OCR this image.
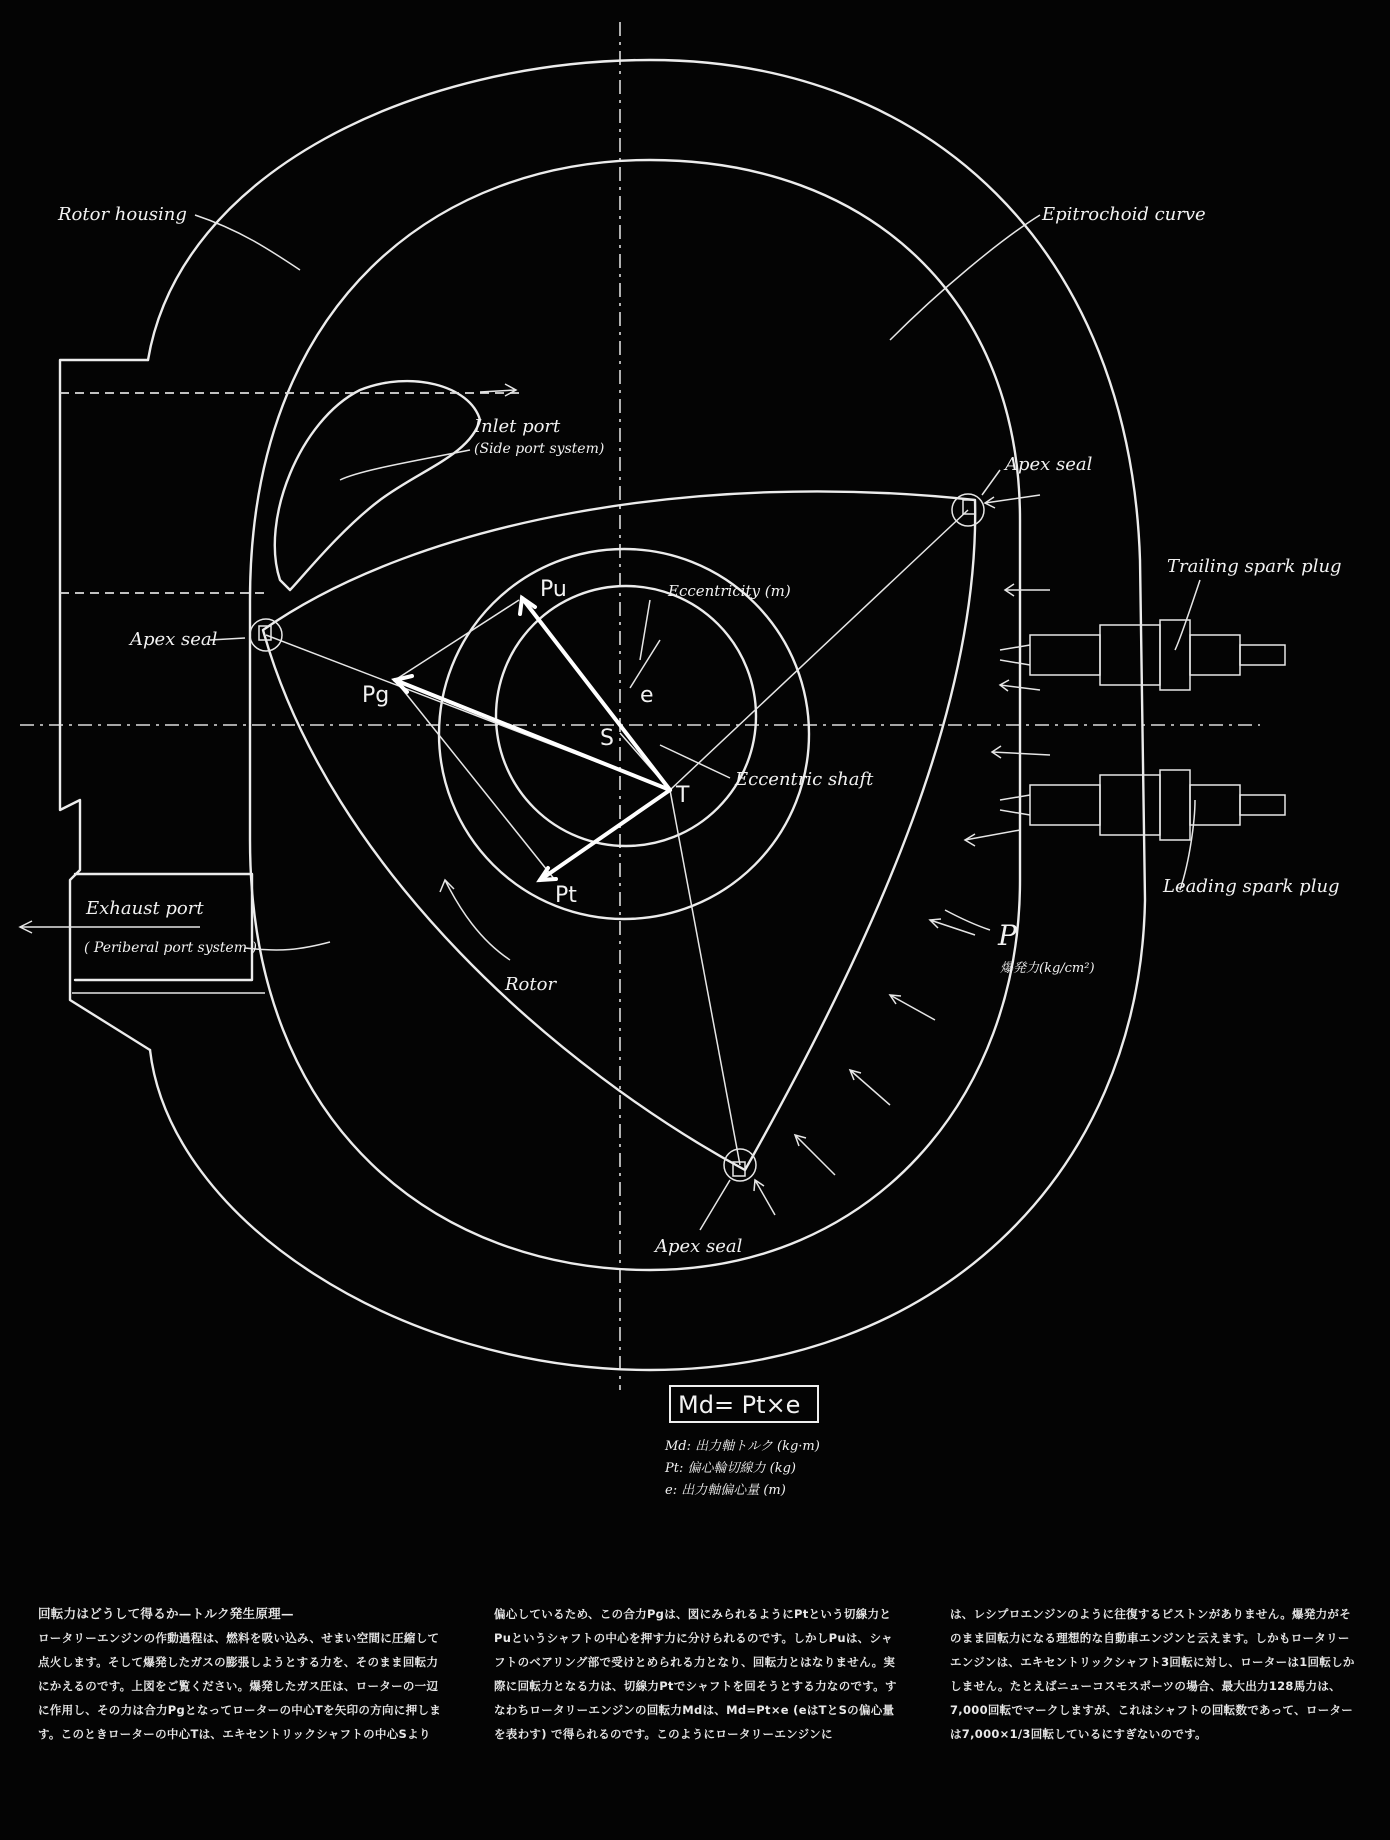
Rotor housing	Epitrochoid curve
Inlet port
(Side port system)
Apex seal
Apex seal
Apex seal
Eccentricity (m)
Trailing spark plug
Leading spark plug
Eccentric shaft
Exhaust port
( Periberal port system )
Rotor
P
爆発力(kg/cm²)
Pu
Pg
Pt
S
e
T
Md= Pt×e
Md: 出力軸トルク (kg·m)
Pt: 偏心輪切線力 (kg)
e: 出力軸偏心量 (m)

回転力はどうして得るか—トルク発生原理—

ロータリーエンジンの作動過程は、燃料を吸い込み、せまい空間に圧縮して点火します。そして爆発したガスの膨張しようとする力を、そのまま回転力にかえるのです。上図をご覧ください。爆発したガス圧は、ローターの一辺に作用し、その力は合力Pgとなってローターの中心Tを矢印の方向に押します。このときローターの中心Tは、エキセントリックシャフトの中心Sより

偏心しているため、この合力Pgは、図にみられるようにPtという切線力とPuというシャフトの中心を押す力に分けられるのです。しかしPuは、シャフトのベアリング部で受けとめられる力となり、回転力とはなりません。実際に回転力となる力は、切線力Ptでシャフトを回そうとする力なのです。すなわちロータリーエンジンの回転力Mdは、Md=Pt×e (eはTとSの偏心量を表わす) で得られるのです。このようにロータリーエンジンに

は、レシプロエンジンのように往復するピストンがありません。爆発力がそのまま回転力になる理想的な自動車エンジンと云えます。しかもロータリーエンジンは、エキセントリックシャフト3回転に対し、ローターは1回転しかしません。たとえばニューコスモスポーツの場合、最大出力128馬力は、7,000回転でマークしますが、これはシャフトの回転数であって、ローターは7,000×1/3回転しているにすぎないのです。
